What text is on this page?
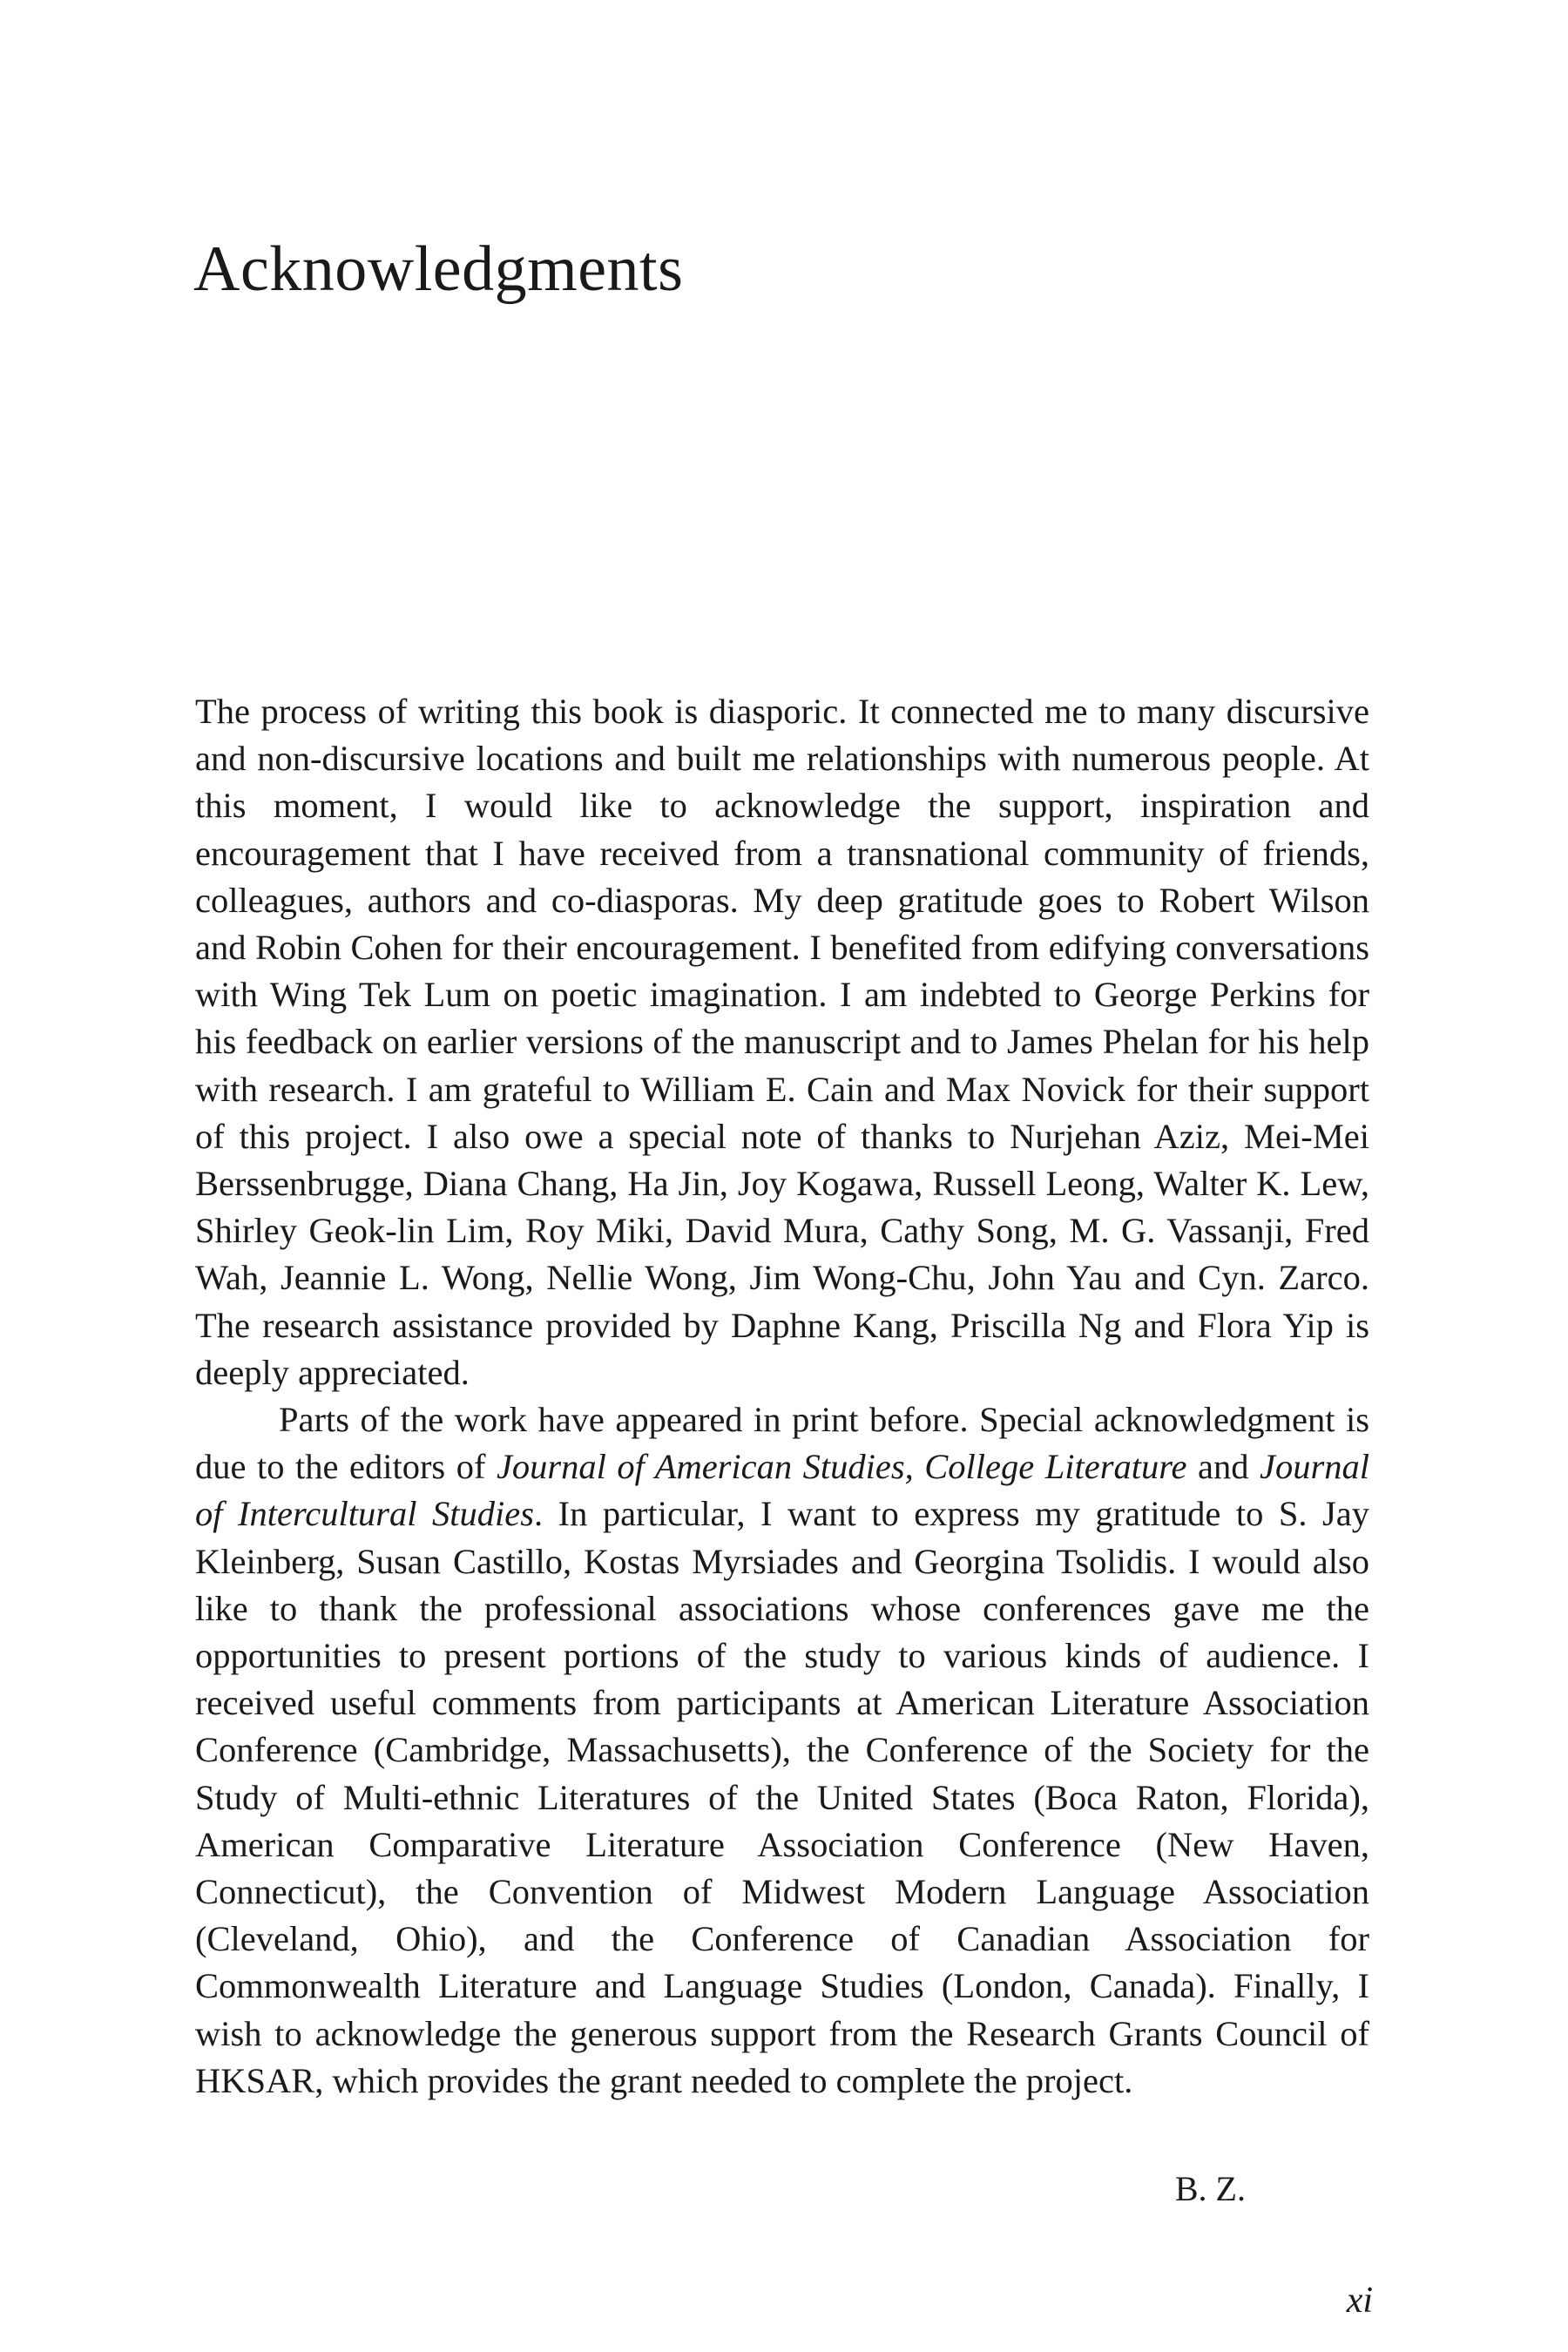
Acknowledgments

The process of writing this book is diasporic. It connected me to many discursive and non-discursive locations and built me relationships with numerous people. At this moment, I would like to acknowledge the support, inspiration and encouragement that I have received from a transnational community of friends, colleagues, authors and co-diasporas. My deep gratitude goes to Robert Wilson and Robin Cohen for their encouragement. I benefited from edifying conversations with Wing Tek Lum on poetic imagination. I am indebted to George Perkins for his feedback on earlier versions of the manuscript and to James Phelan for his help with research. I am grateful to William E. Cain and Max Novick for their support of this project. I also owe a special note of thanks to Nurjehan Aziz, Mei-Mei Berssenbrugge, Diana Chang, Ha Jin, Joy Kogawa, Russell Leong, Walter K. Lew, Shirley Geok-lin Lim, Roy Miki, David Mura, Cathy Song, M. G. Vassanji, Fred Wah, Jeannie L. Wong, Nellie Wong, Jim Wong-Chu, John Yau and Cyn. Zarco. The research assistance provided by Daphne Kang, Priscilla Ng and Flora Yip is deeply appreciated.

Parts of the work have appeared in print before. Special acknowledgment is due to the editors of Journal of American Studies, College Literature and Journal of Intercultural Studies. In particular, I want to express my gratitude to S. Jay Kleinberg, Susan Castillo, Kostas Myrsiades and Georgina Tsolidis. I would also like to thank the professional associations whose conferences gave me the opportunities to present portions of the study to various kinds of audience. I received useful comments from participants at American Literature Association Conference (Cambridge, Massachusetts), the Conference of the Society for the Study of Multi-ethnic Literatures of the United States (Boca Raton, Florida), American Comparative Literature Association Conference (New Haven, Connecticut), the Convention of Midwest Modern Language Association (Cleveland, Ohio), and the Conference of Canadian Association for Commonwealth Literature and Language Studies (London, Canada). Finally, I wish to acknowledge the generous support from the Research Grants Council of HKSAR, which provides the grant needed to complete the project.

B. Z.
xi
